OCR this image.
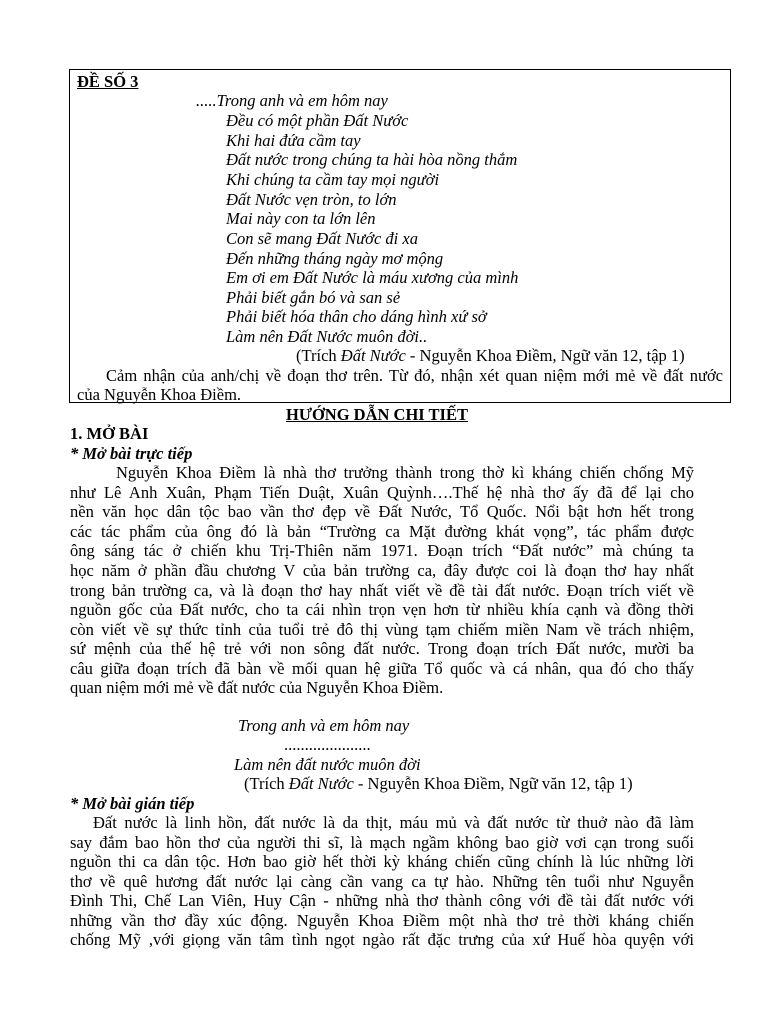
ĐỀ SỐ 3
.....Trong anh và em hôm nay
Đều có một phần Đất Nước
Khi hai đứa cầm tay
Đất nước trong chúng ta hài hòa nồng thắm
Khi chúng ta cầm tay mọi người
Đất Nước vẹn tròn, to lớn
Mai này con ta lớn lên
Con sẽ mang Đất Nước đi xa
Đến những tháng ngày mơ mộng
Em ơi em Đất Nước là máu xương của mình
Phải biết gắn bó và san sẻ
Phải biết hóa thân cho dáng hình xứ sở
Làm nên Đất Nước muôn đời..
(Trích Đất Nước - Nguyễn Khoa Điềm, Ngữ văn 12, tập 1)
Cảm nhận của anh/chị về đoạn thơ trên. Từ đó, nhận xét quan niệm mới mẻ về đất nước
của Nguyễn Khoa Điềm.
HƯỚNG DẪN CHI TIẾT
1. MỞ BÀI
* Mở bài trực tiếp
Nguyễn Khoa Điềm là nhà thơ trưởng thành trong thờ kì kháng chiến chống Mỹ
như Lê Anh Xuân, Phạm Tiến Duật, Xuân Quỳnh….Thế hệ nhà thơ ấy đã để lại cho
nền văn học dân tộc bao vần thơ đẹp về Đất Nước, Tổ Quốc. Nổi bật hơn hết trong
các tác phẩm của ông đó là bản “Trường ca Mặt đường khát vọng”, tác phẩm được
ông sáng tác ở chiến khu Trị-Thiên năm 1971. Đoạn trích “Đất nước” mà chúng ta
học năm ở phần đầu chương V của bản trường ca, đây được coi là đoạn thơ hay nhất
trong bản trường ca, và là đoạn thơ hay nhất viết về đề tài đất nước. Đoạn trích viết về
nguồn gốc của Đất nước, cho ta cái nhìn trọn vẹn hơn từ nhiều khía cạnh và đồng thời
còn viết về sự thức tỉnh của tuổi trẻ đô thị vùng tạm chiếm miền Nam về trách nhiệm,
sứ mệnh của thế hệ trẻ với non sông đất nước. Trong đoạn trích Đất nước, mười ba
câu giữa đoạn trích đã bàn về mối quan hệ giữa Tổ quốc và cá nhân, qua đó cho thấy
quan niệm mới mẻ về đất nước của Nguyễn Khoa Điềm.
Trong anh và em hôm nay
.....................
Làm nên đất nước muôn đời
(Trích Đất Nước - Nguyễn Khoa Điềm, Ngữ văn 12, tập 1)
* Mở bài gián tiếp
Đất nước là linh hồn, đất nước là da thịt, máu mủ và đất nước từ thuở nào đã làm
say đắm bao hồn thơ của người thi sĩ, là mạch ngầm không bao giờ vơi cạn trong suối
nguồn thi ca dân tộc. Hơn bao giờ hết thời kỳ kháng chiến cũng chính là lúc những lời
thơ về quê hương đất nước lại càng cần vang ca tự hào. Những tên tuổi như Nguyễn
Đình Thi, Chế Lan Viên, Huy Cận - những nhà thơ thành công với đề tài đất nước với
những vần thơ đầy xúc động. Nguyễn Khoa Điềm một nhà thơ trẻ thời kháng chiến
chống Mỹ ,với giọng văn tâm tình ngọt ngào rất đặc trưng của xứ Huế hòa quyện với
